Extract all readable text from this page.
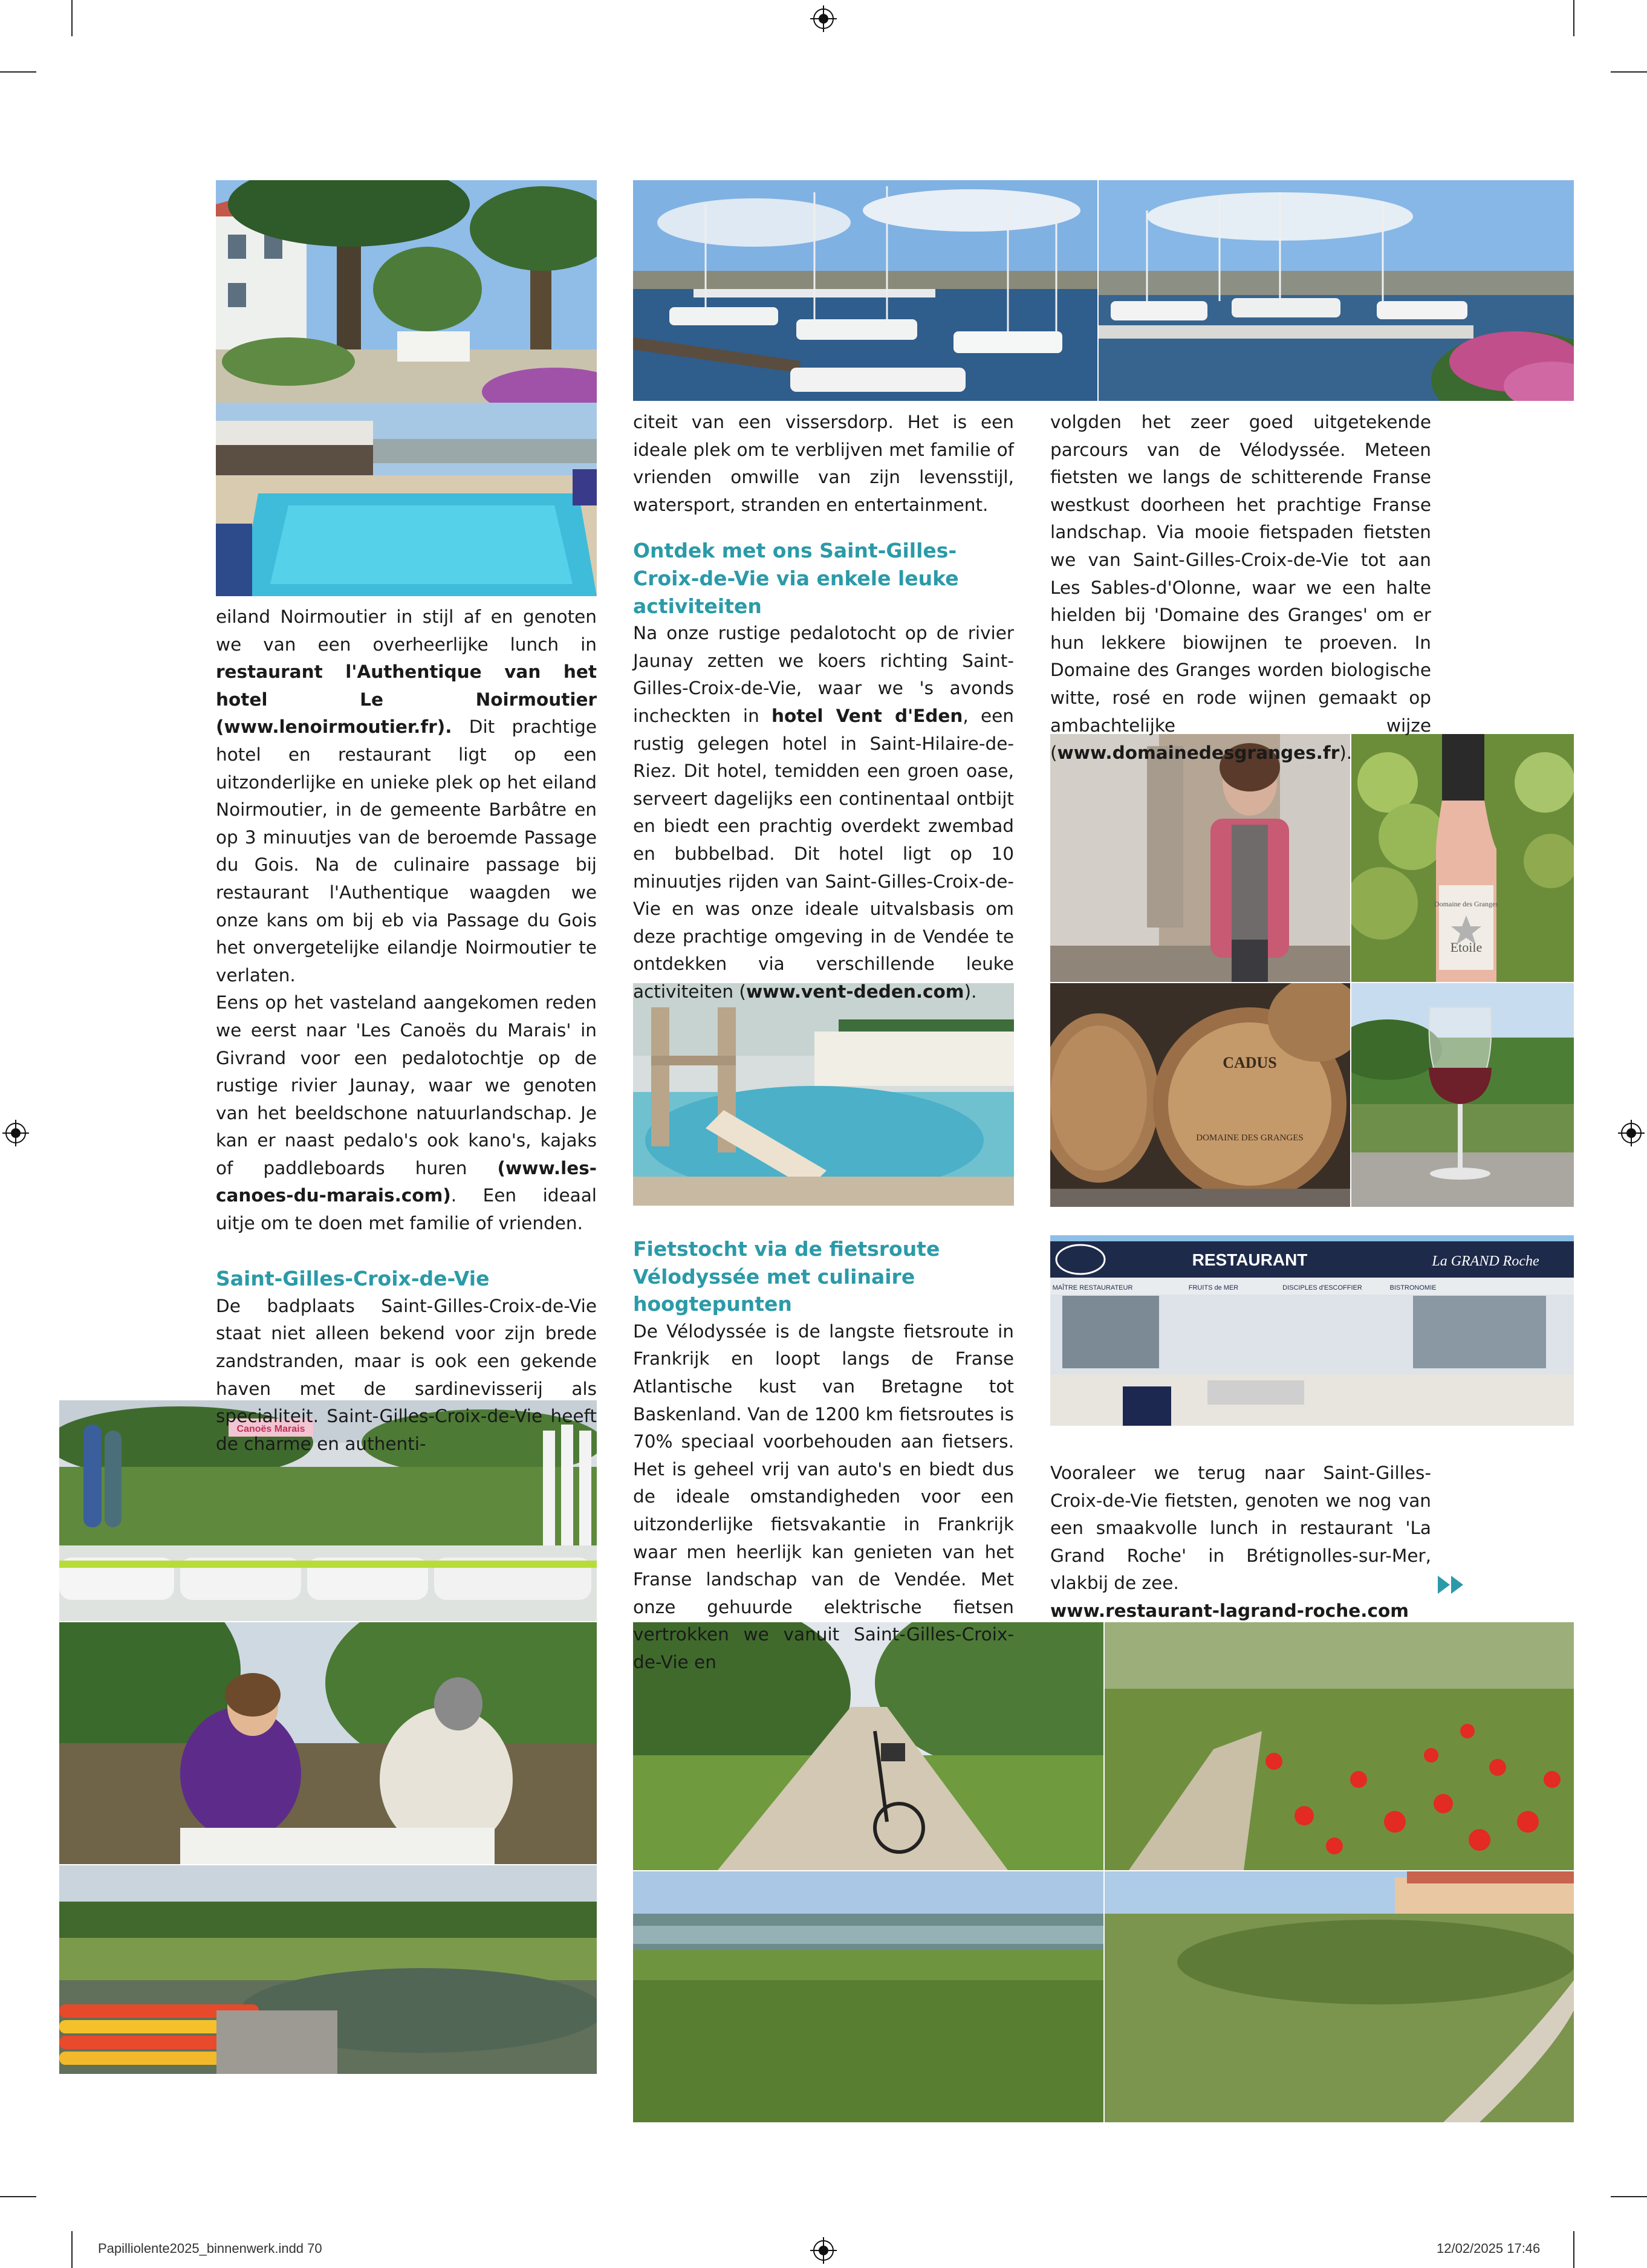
Domaine des Granges
Etoile
CADUS
DOMAINE DES GRANGES
RESTAURANT	La GRAND Roche
MAÎTRE RESTAURATEUR	FRUITS de MER	DISCIPLES d'ESCOFFIER	BISTRONOMIE
Canoës Marais

eiland Noirmoutier in stijl af en genoten we van een overheerlijke lunch in restaurant l'Authentique van het hotel Le Noirmoutier (www.lenoirmoutier.fr). Dit prachtige hotel en restaurant ligt op een uitzonderlijke en unieke plek op het eiland Noirmoutier, in de gemeente Barbâtre en op 3 minuutjes van de beroemde Passage du Gois. Na de culinaire passage bij restaurant l'Authentique waagden we onze kans om bij eb via Passage du Gois het onvergetelijke eilandje Noirmoutier te verlaten.

Eens op het vasteland aangekomen reden we eerst naar 'Les Canoës du Marais' in Givrand voor een pedalotochtje op de rustige rivier Jaunay, waar we genoten van het beeldschone natuurlandschap. Je kan er naast pedalo's ook kano's, kajaks of paddleboards huren (www.les-canoes-du-marais.com). Een ideaal uitje om te doen met familie of vrienden.

Saint-Gilles-Croix-de-Vie

De badplaats Saint-Gilles-Croix-de-Vie staat niet alleen bekend voor zijn brede zandstranden, maar is ook een gekende haven met de sardinevisserij als specialiteit. Saint-Gilles-Croix-de-Vie heeft de charme en authenti-

citeit van een vissersdorp. Het is een ideale plek om te verblijven met familie of vrienden omwille van zijn levensstijl, watersport, stranden en entertainment.

Ontdek met ons Saint-Gilles-Croix-de-Vie via enkele leuke activiteiten

Na onze rustige pedalotocht op de rivier Jaunay zetten we koers richting Saint-Gilles-Croix-de-Vie, waar we 's avonds incheckten in hotel Vent d'Eden, een rustig gelegen hotel in Saint-Hilaire-de-Riez. Dit hotel, temidden een groen oase, serveert dagelijks een continentaal ontbijt en biedt een prachtig overdekt zwembad en bubbelbad. Dit hotel ligt op 10 minuutjes rijden van Saint-Gilles-Croix-de-Vie en was onze ideale uitvalsbasis om deze prachtige omgeving in de Vendée te ontdekken via verschillende leuke activiteiten (www.vent-deden.com).

Fietstocht via de fietsroute Vélodyssée met culinaire hoogtepunten

De Vélodyssée is de langste fietsroute in Frankrijk en loopt langs de Franse Atlantische kust van Bretagne tot Baskenland. Van de 1200 km fietsroutes is 70% speciaal voorbehouden aan fietsers. Het is geheel vrij van auto's en biedt dus de ideale omstandigheden voor een uitzonderlijke fietsvakantie in Frankrijk waar men heerlijk kan genieten van het Franse landschap van de Vendée. Met onze gehuurde elektrische fietsen vertrokken we vanuit Saint-Gilles-Croix-de-Vie en

volgden het zeer goed uitgetekende parcours van de Vélodyssée. Meteen fietsten we langs de schitterende Franse westkust doorheen het prachtige Franse landschap. Via mooie fietspaden fietsten we van Saint-Gilles-Croix-de-Vie tot aan Les Sables-d'Olonne, waar we een halte hielden bij 'Domaine des Granges' om er hun lekkere biowijnen te proeven. In Domaine des Granges worden biologische witte, rosé en rode wijnen gemaakt op ambachtelijke wijze (www.domainedesgranges.fr).

Vooraleer we terug naar Saint-Gilles-Croix-de-Vie fietsten, genoten we nog van een smaakvolle lunch in restaurant 'La Grand Roche' in Brétignolles-sur-Mer, vlakbij de zee.

www.restaurant-lagrand-roche.com

Papilliolente2025_binnenwerk.indd 70	12/02/2025 17:46
